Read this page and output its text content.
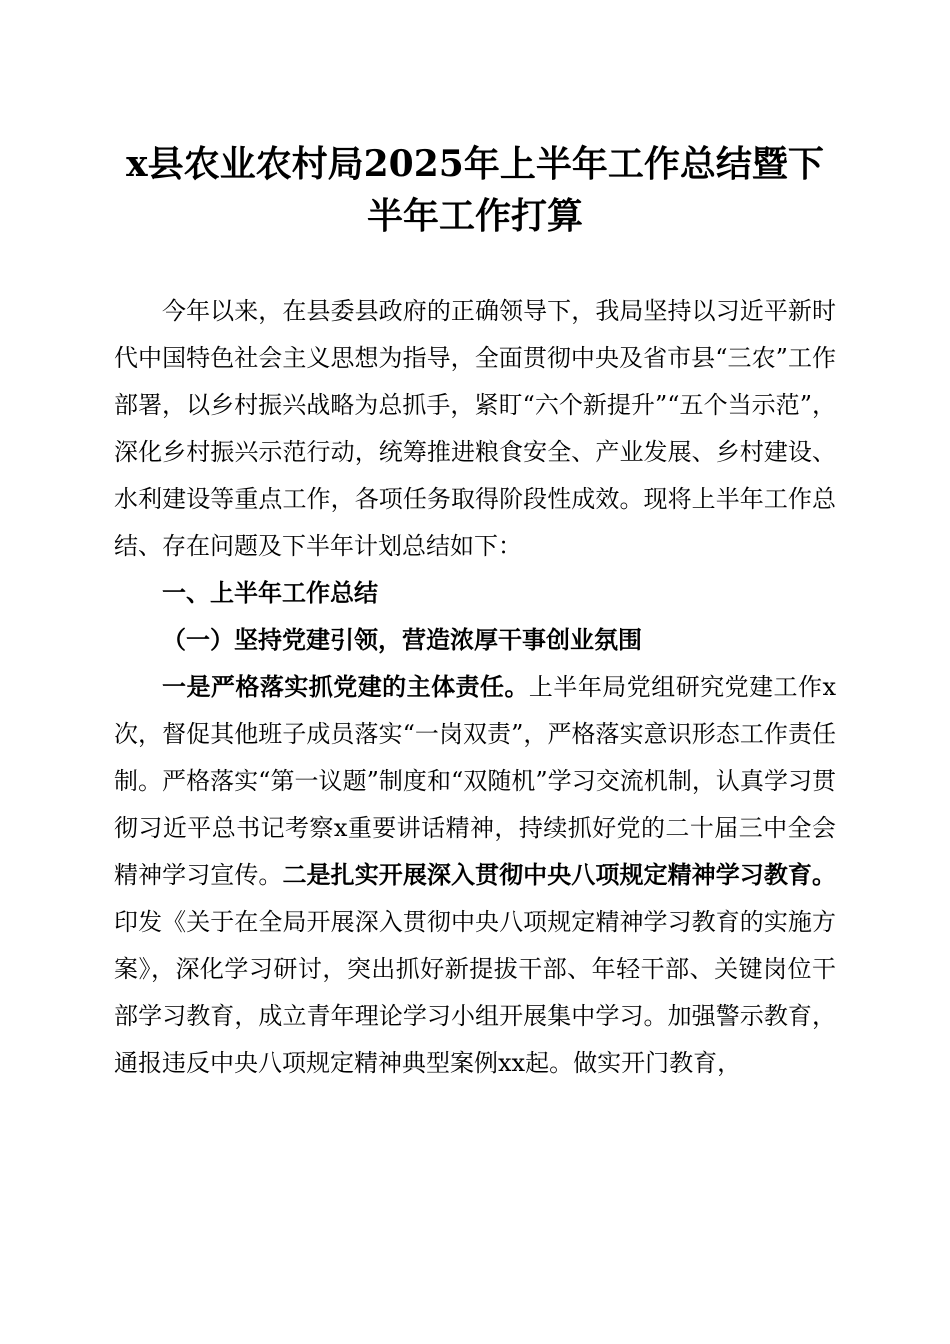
x县农业农村局2025年上半年工作总结暨下半年工作打算

今年以来，在县委县政府的正确领导下，我局坚持以习近平新时代中国特色社会主义思想为指导，全面贯彻中央及省市县“三农”工作部署，以乡村振兴战略为总抓手，紧盯“六个新提升”“五个当示范”，深化乡村振兴示范行动，统筹推进粮食安全、产业发展、乡村建设、水利建设等重点工作，各项任务取得阶段性成效。现将上半年工作总结、存在问题及下半年计划总结如下：

一、上半年工作总结

（一）坚持党建引领，营造浓厚干事创业氛围

一是严格落实抓党建的主体责任。上半年局党组研究党建工作x次，督促其他班子成员落实“一岗双责”，严格落实意识形态工作责任制。严格落实“第一议题”制度和“双随机”学习交流机制，认真学习贯彻习近平总书记考察x重要讲话精神，持续抓好党的二十届三中全会精神学习宣传。二是扎实开展深入贯彻中央八项规定精神学习教育。印发《关于在全局开展深入贯彻中央八项规定精神学习教育的实施方案》，深化学习研讨，突出抓好新提拔干部、年轻干部、关键岗位干部学习教育，成立青年理论学习小组开展集中学习。加强警示教育，通报违反中央八项规定精神典型案例xx起。做实开门教育，
